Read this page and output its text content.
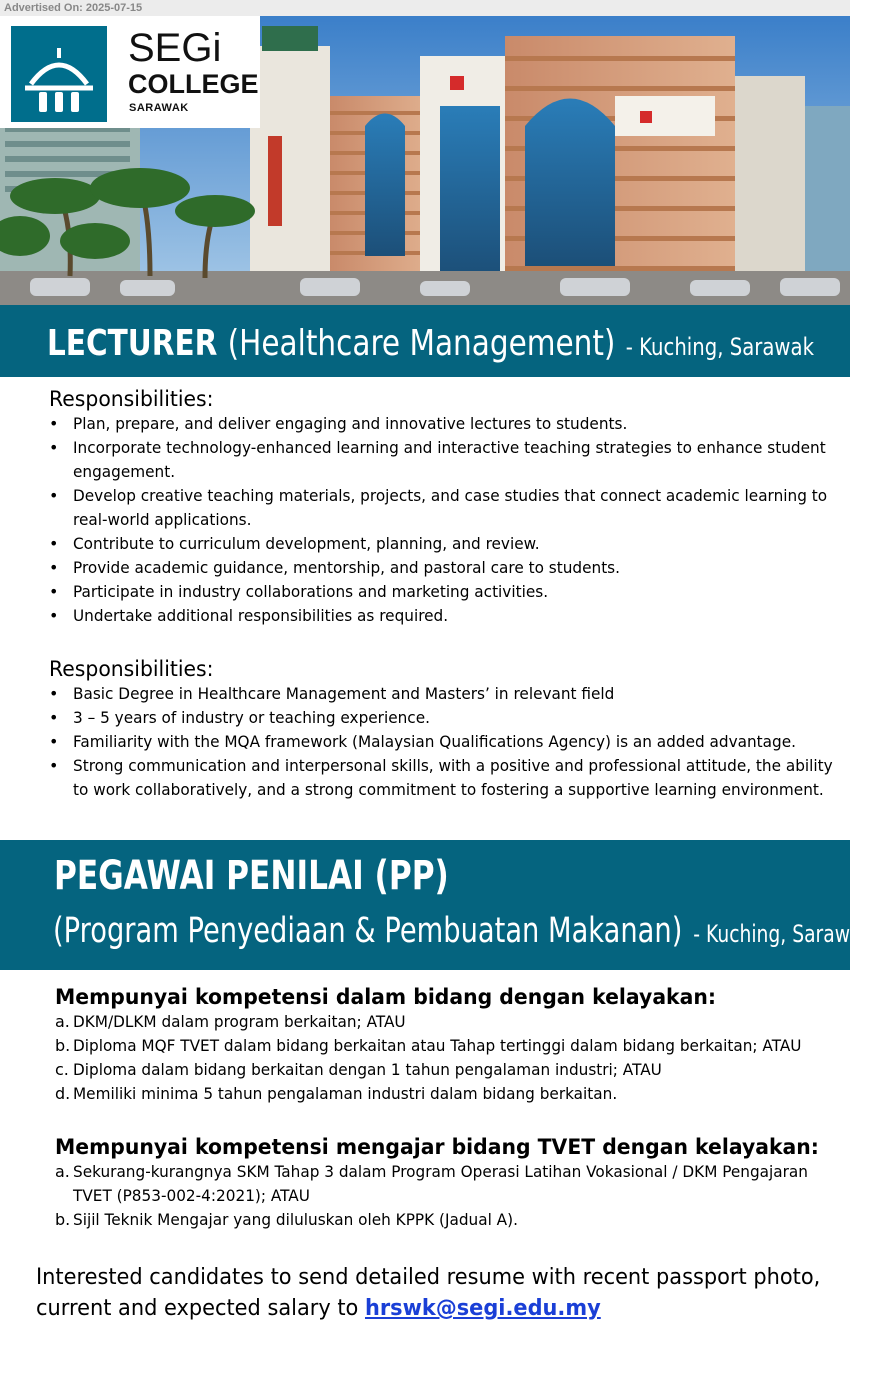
Advertised On: 2025-07-15
SEGi
COLLEGE
SARAWAK
LECTURER (Healthcare Management) - Kuching, Sarawak
Responsibilities:
• Plan, prepare, and deliver engaging and innovative lectures to students.
• Incorporate technology-enhanced learning and interactive teaching strategies to enhance student engagement.
• Develop creative teaching materials, projects, and case studies that connect academic learning to real-world applications.
• Contribute to curriculum development, planning, and review.
• Provide academic guidance, mentorship, and pastoral care to students.
• Participate in industry collaborations and marketing activities.
• Undertake additional responsibilities as required.
Responsibilities:
• Basic Degree in Healthcare Management and Masters’ in relevant field
• 3 – 5 years of industry or teaching experience.
• Familiarity with the MQA framework (Malaysian Qualifications Agency) is an added advantage.
• Strong communication and interpersonal skills, with a positive and professional attitude, the ability to work collaboratively, and a strong commitment to fostering a supportive learning environment.
PEGAWAI PENILAI (PP)
(Program Penyediaan & Pembuatan Makanan) - Kuching, Sarawak
Mempunyai kompetensi dalam bidang dengan kelayakan:
a. DKM/DLKM dalam program berkaitan; ATAU
b. Diploma MQF TVET dalam bidang berkaitan atau Tahap tertinggi dalam bidang berkaitan; ATAU
c. Diploma dalam bidang berkaitan dengan 1 tahun pengalaman industri; ATAU
d. Memiliki minima 5 tahun pengalaman industri dalam bidang berkaitan.
Mempunyai kompetensi mengajar bidang TVET dengan kelayakan:
a. Sekurang-kurangnya SKM Tahap 3 dalam Program Operasi Latihan Vokasional / DKM Pengajaran TVET (P853-002-4:2021); ATAU
b. Sijil Teknik Mengajar yang diluluskan oleh KPPK (Jadual A).
Interested candidates to send detailed resume with recent passport photo, current and expected salary to hrswk@segi.edu.my
